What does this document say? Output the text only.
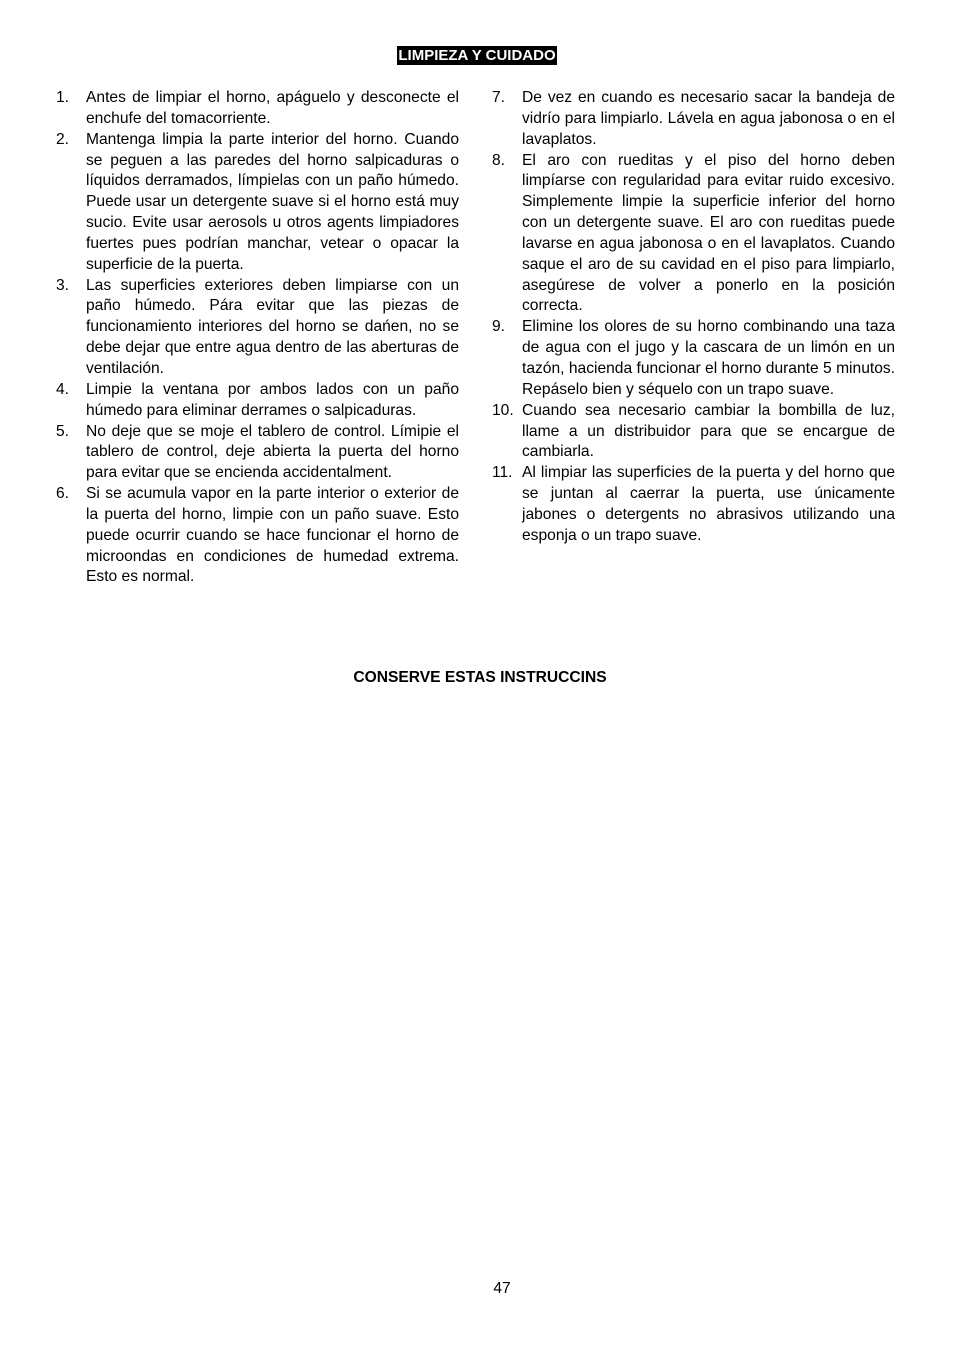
LIMPIEZA Y CUIDADO
1.	Antes de limpiar el horno, apáguelo y desconecte el enchufe del tomacorriente.
2.	Mantenga limpia la parte interior del horno. Cuando se peguen a las paredes del horno salpicaduras o líquidos derramados, límpielas con un paño húmedo. Puede usar un detergente suave si el horno está muy sucio. Evite usar aerosols u otros agents limpiadores fuertes pues podrían manchar, vetear o opacar la superficie de la puerta.
3.	Las superficies exteriores deben limpiarse con un paño húmedo. Pára evitar que las piezas de funcionamiento interiores del horno se dańen, no se debe dejar que entre agua dentro de las aberturas de ventilación.
4.	Limpie la ventana por ambos lados con un paño húmedo para eliminar derrames o salpicaduras.
5.	No deje que se moje el tablero de control. Límipie el tablero de control, deje abierta la puerta del horno para evitar que se encienda accidentalment.
6.	Si se acumula vapor en la parte interior o exterior de la puerta del horno, limpie con un paño suave. Esto puede ocurrir cuando se hace funcionar el horno de microondas en condiciones de humedad extrema. Esto es normal.
7.	De vez en cuando es necesario sacar la bandeja de vidrío para limpiarlo. Lávela en agua jabonosa o en el lavaplatos.
8.	El aro con rueditas y el piso del horno deben limpíarse con regularidad para evitar ruido excesivo. Simplemente limpie la superficie inferior del horno con un detergente suave. El aro con rueditas puede lavarse en agua jabonosa o en el lavaplatos. Cuando saque el aro de su cavidad en el piso para limpiarlo, asegúrese de volver a ponerlo en la posición correcta.
9.	Elimine los olores de su horno combinando una taza de agua con el jugo y la cascara de un limón en un tazón, hacienda funcionar el horno durante 5 minutos. Repáselo bien y séquelo con un trapo suave.
10. Cuando sea necesario cambiar la bombilla de luz, llame a un distribuidor para que se encargue de cambiarla.
11. Al limpiar las superficies de la puerta y del horno que se juntan al caerrar la puerta, use únicamente jabones o detergents no abrasivos utilizando una esponja o un trapo suave.
CONSERVE ESTAS INSTRUCCINS
47
